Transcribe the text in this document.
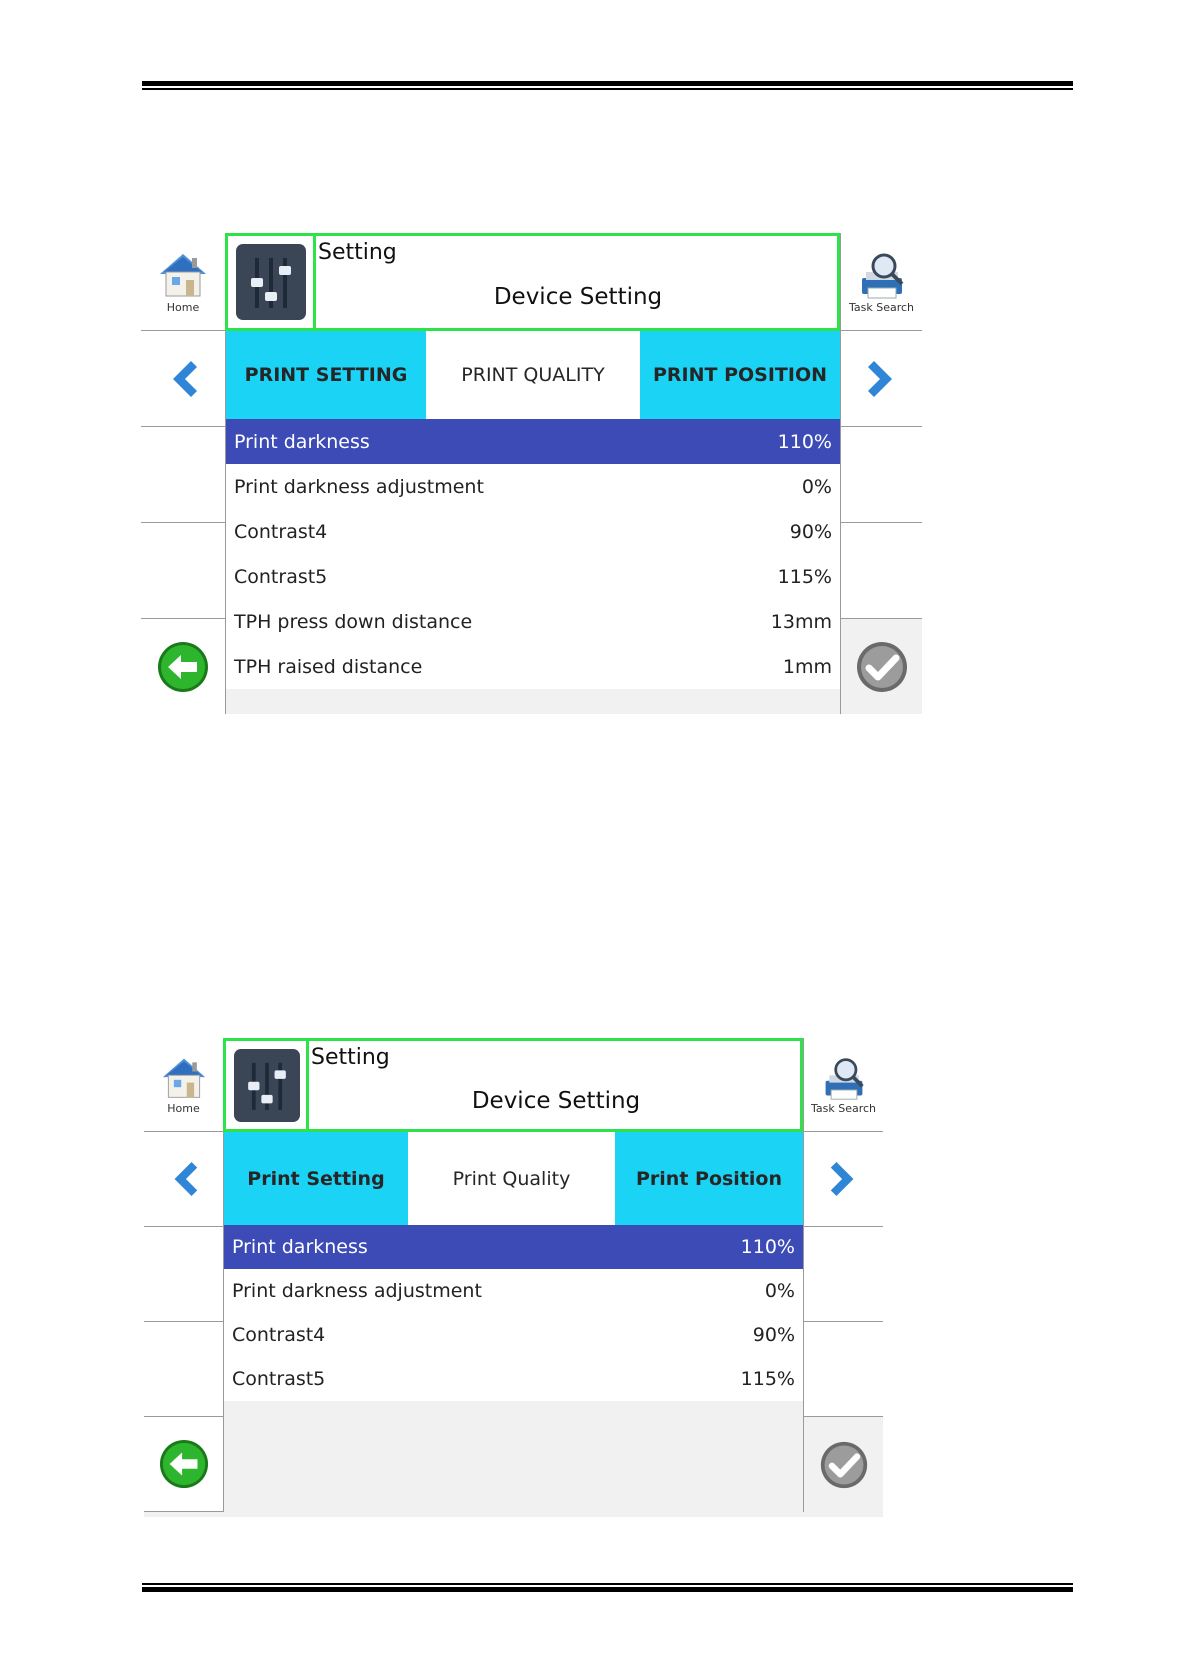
Home
Setting
Device Setting
PRINT SETTING	PRINT QUALITY	PRINT POSITION
Print darkness	110%
Print darkness adjustment	0%
Contrast4	90%
Contrast5	115%
TPH press down distance	13mm
TPH raised distance	1mm
Task Search
Home
Setting
Device Setting
Print Setting	Print Quality	Print Position
Print darkness	110%
Print darkness adjustment	0%
Contrast4	90%
Contrast5	115%
Task Search
